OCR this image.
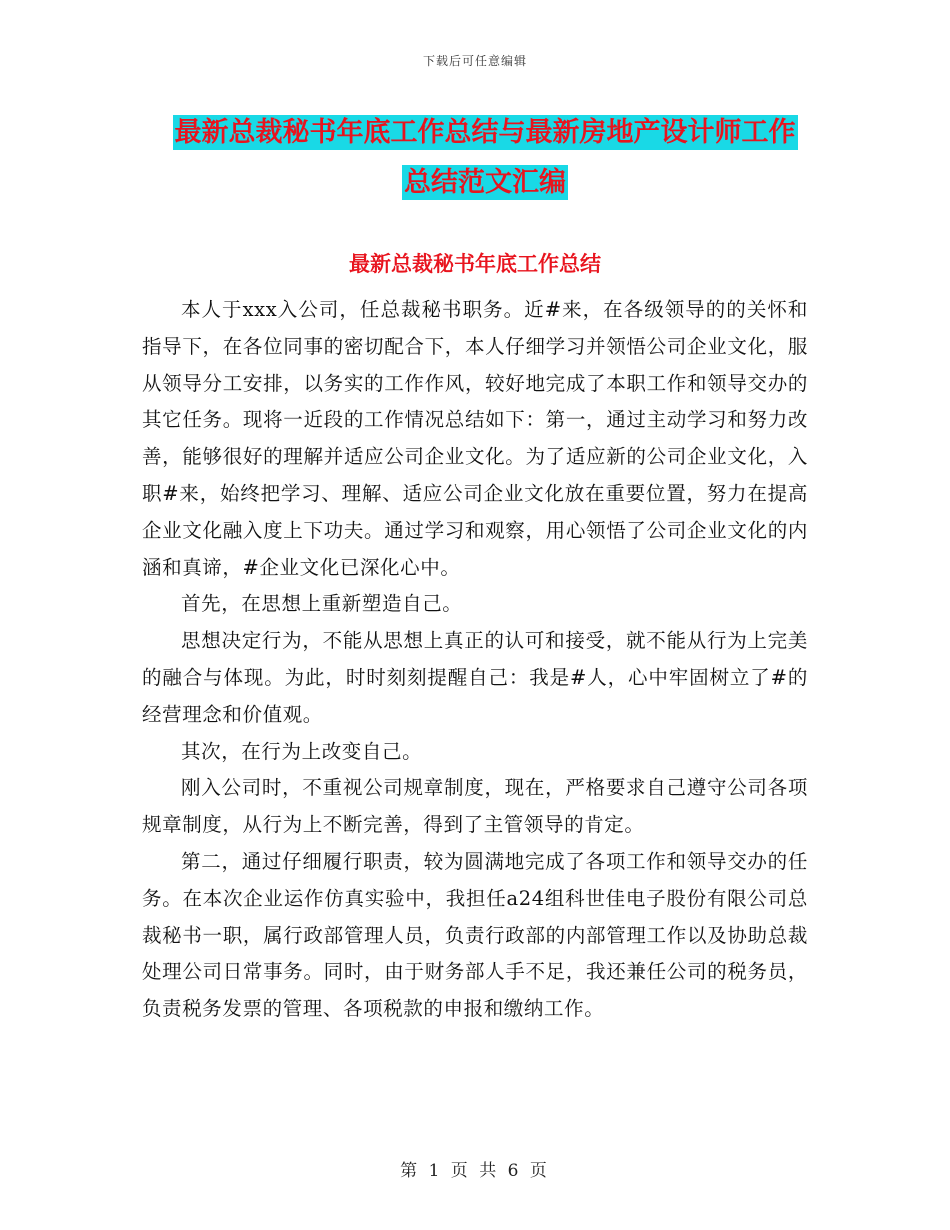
下载后可任意编辑
最新总裁秘书年底工作总结与最新房地产设计师工作
总结范文汇编
最新总裁秘书年底工作总结

本人于xxx入公司，任总裁秘书职务。近#来，在各级领导的的关怀和指导下，在各位同事的密切配合下，本人仔细学习并领悟公司企业文化，服从领导分工安排，以务实的工作作风，较好地完成了本职工作和领导交办的其它任务。现将一近段的工作情况总结如下：第一，通过主动学习和努力改善，能够很好的理解并适应公司企业文化。为了适应新的公司企业文化，入职#来，始终把学习、理解、适应公司企业文化放在重要位置，努力在提高企业文化融入度上下功夫。通过学习和观察，用心领悟了公司企业文化的内涵和真谛，#企业文化已深化心中。

首先，在思想上重新塑造自己。

思想决定行为，不能从思想上真正的认可和接受，就不能从行为上完美的融合与体现。为此，时时刻刻提醒自己：我是#人，心中牢固树立了#的经营理念和价值观。

其次，在行为上改变自己。

刚入公司时，不重视公司规章制度，现在，严格要求自己遵守公司各项规章制度，从行为上不断完善，得到了主管领导的肯定。

第二，通过仔细履行职责，较为圆满地完成了各项工作和领导交办的任务。在本次企业运作仿真实验中，我担任a24组科世佳电子股份有限公司总裁秘书一职，属行政部管理人员，负责行政部的内部管理工作以及协助总裁处理公司日常事务。同时，由于财务部人手不足，我还兼任公司的税务员，负责税务发票的管理、各项税款的申报和缴纳工作。

第 1 页 共 6 页
